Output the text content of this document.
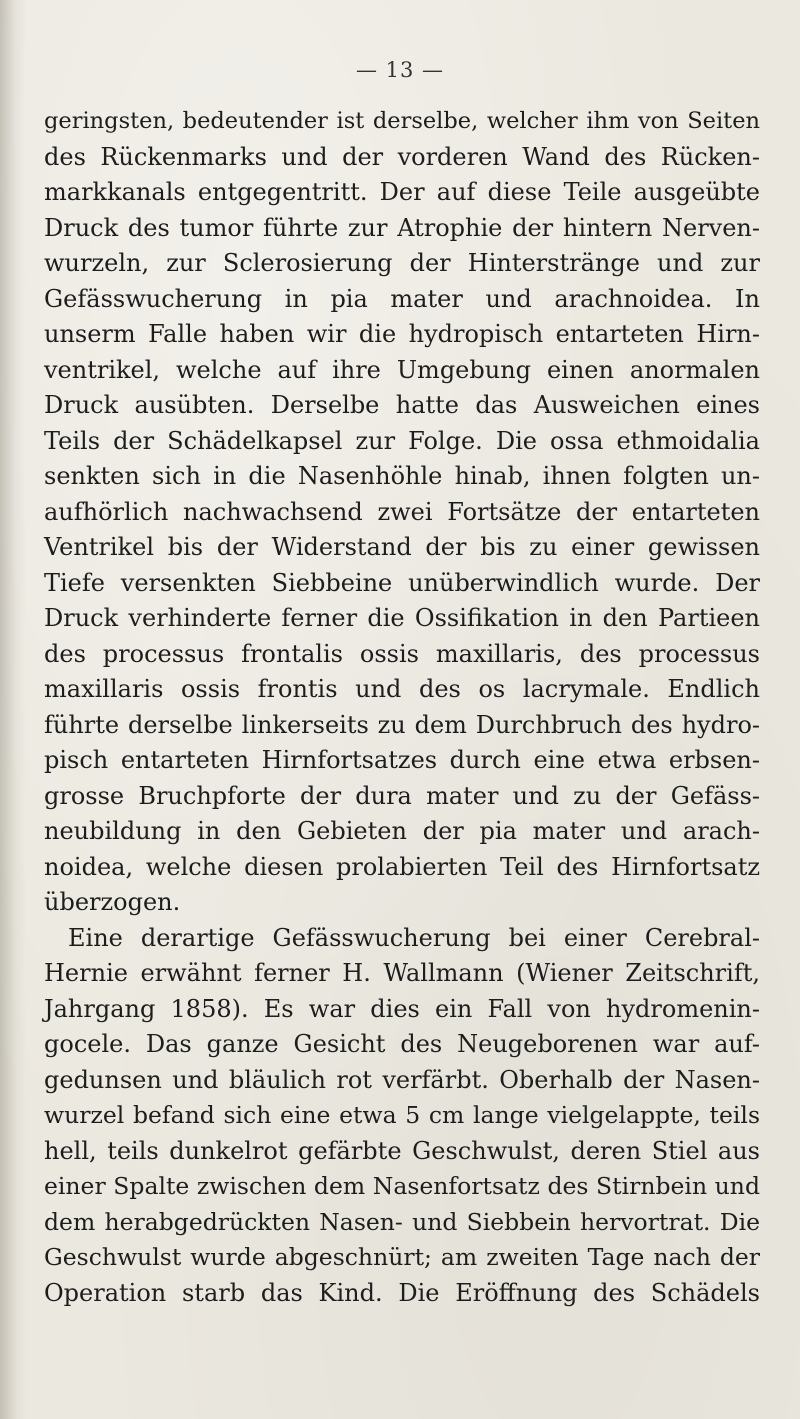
— 13 —
geringsten, bedeutender ist derselbe, welcher ihm von Seiten
des Rückenmarks und der vorderen Wand des Rücken-
markkanals entgegentritt. Der auf diese Teile ausgeübte
Druck des tumor führte zur Atrophie der hintern Nerven-
wurzeln, zur Sclerosierung der Hinterstränge und zur
Gefässwucherung in pia mater und arachnoidea. In
unserm Falle haben wir die hydropisch entarteten Hirn-
ventrikel, welche auf ihre Umgebung einen anormalen
Druck ausübten. Derselbe hatte das Ausweichen eines
Teils der Schädelkapsel zur Folge. Die ossa ethmoidalia
senkten sich in die Nasenhöhle hinab, ihnen folgten un-
aufhörlich nachwachsend zwei Fortsätze der entarteten
Ventrikel bis der Widerstand der bis zu einer gewissen
Tiefe versenkten Siebbeine unüberwindlich wurde. Der
Druck verhinderte ferner die Ossifikation in den Partieen
des processus frontalis ossis maxillaris, des processus
maxillaris ossis frontis und des os lacrymale. Endlich
führte derselbe linkerseits zu dem Durchbruch des hydro-
pisch entarteten Hirnfortsatzes durch eine etwa erbsen-
grosse Bruchpforte der dura mater und zu der Gefäss-
neubildung in den Gebieten der pia mater und arach-
noidea, welche diesen prolabierten Teil des Hirnfortsatz
überzogen.
Eine derartige Gefässwucherung bei einer Cerebral-
Hernie erwähnt ferner H. Wallmann (Wiener Zeitschrift,
Jahrgang 1858). Es war dies ein Fall von hydromenin-
gocele. Das ganze Gesicht des Neugeborenen war auf-
gedunsen und bläulich rot verfärbt. Oberhalb der Nasen-
wurzel befand sich eine etwa 5 cm lange vielgelappte, teils
hell, teils dunkelrot gefärbte Geschwulst, deren Stiel aus
einer Spalte zwischen dem Nasenfortsatz des Stirnbein und
dem herabgedrückten Nasen- und Siebbein hervortrat. Die
Geschwulst wurde abgeschnürt; am zweiten Tage nach der
Operation starb das Kind. Die Eröffnung des Schädels
